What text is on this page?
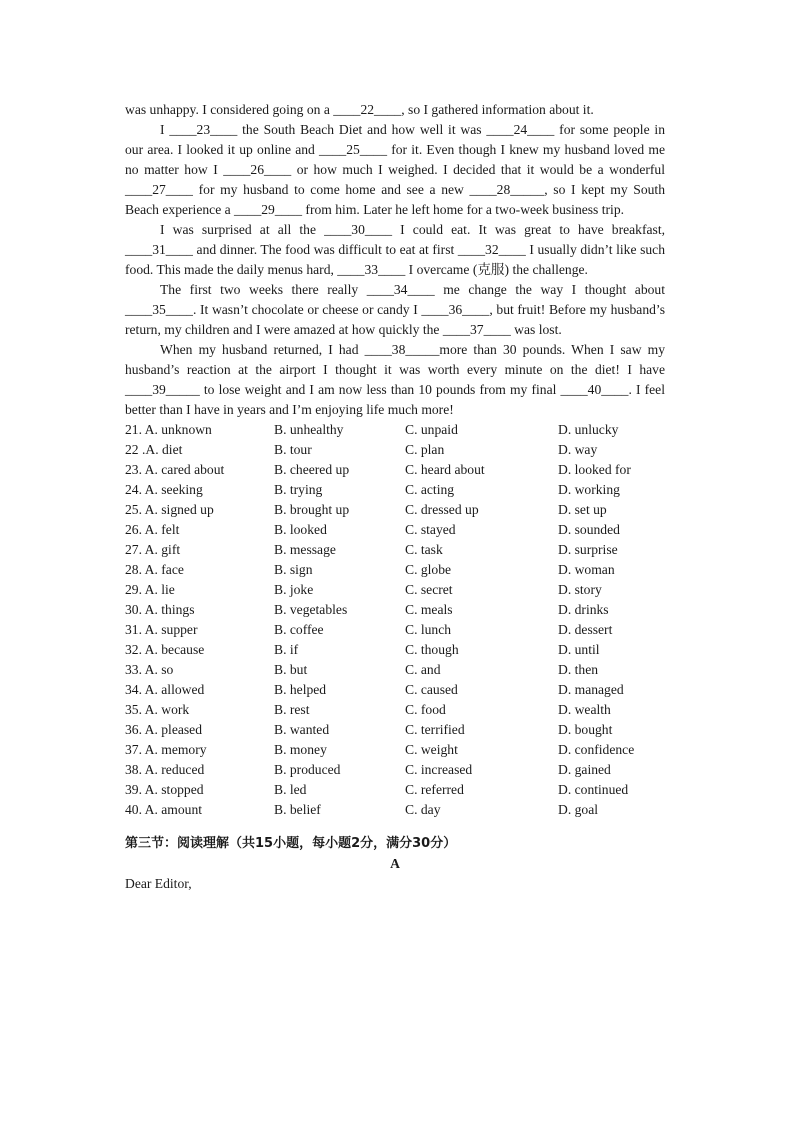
was unhappy. I considered going on a ____22____, so I gathered information about it.

I ____23____ the South Beach Diet and how well it was ____24____ for some people in our area. I looked it up online and ____25____ for it. Even though I knew my husband loved me no matter how I ____26____ or how much I weighed. I decided that it would be a wonderful ____27____ for my husband to come home and see a new ____28_____, so I kept my South Beach experience a ____29____ from him. Later he left home for a two-week business trip.

I was surprised at all the ____30____ I could eat. It was great to have breakfast, ____31____ and dinner. The food was difficult to eat at first ____32____ I usually didn’t like such food. This made the daily menus hard, ____33____ I overcame (克服) the challenge.

The first two weeks there really ____34____ me change the way I thought about ____35____. It wasn’t chocolate or cheese or candy I ____36____, but fruit! Before my husband’s return, my children and I were amazed at how quickly the ____37____ was lost.

When my husband returned, I had ____38_____more than 30 pounds. When I saw my husband’s reaction at the airport I thought it was worth every minute on the diet! I have ____39_____ to lose weight and I am now less than 10 pounds from my final ____40____. I feel better than I have in years and I’m enjoying life much more!

21. A. unknown	B. unhealthy	C. unpaid	D. unlucky
22 .A. diet	B. tour	C. plan	D. way
23. A. cared about	B. cheered up	C. heard about	D. looked for
24. A. seeking	B. trying	C. acting	D. working
25. A. signed up	B. brought up	C. dressed up	D. set up
26. A. felt	B. looked	C. stayed	D. sounded
27. A. gift	B. message	C. task	D. surprise
28. A. face	B. sign	C. globe	D. woman
29. A. lie	B. joke	C. secret	D. story
30. A. things	B. vegetables	C. meals	D. drinks
31. A. supper	B. coffee	C. lunch	D. dessert
32. A. because	B. if	C. though	D. until
33. A. so	B. but	C. and	D. then
34. A. allowed	B. helped	C. caused	D. managed
35. A. work	B. rest	C. food	D. wealth
36. A. pleased	B. wanted	C. terrified	D. bought
37. A. memory	B. money	C. weight	D. confidence
38. A. reduced	B. produced	C. increased	D. gained
39. A. stopped	B. led	C. referred	D. continued
40. A. amount	B. belief	C. day	D. goal
第三节：阅读理解（共15小题，每小题2分，满分30分）
A
Dear Editor,
